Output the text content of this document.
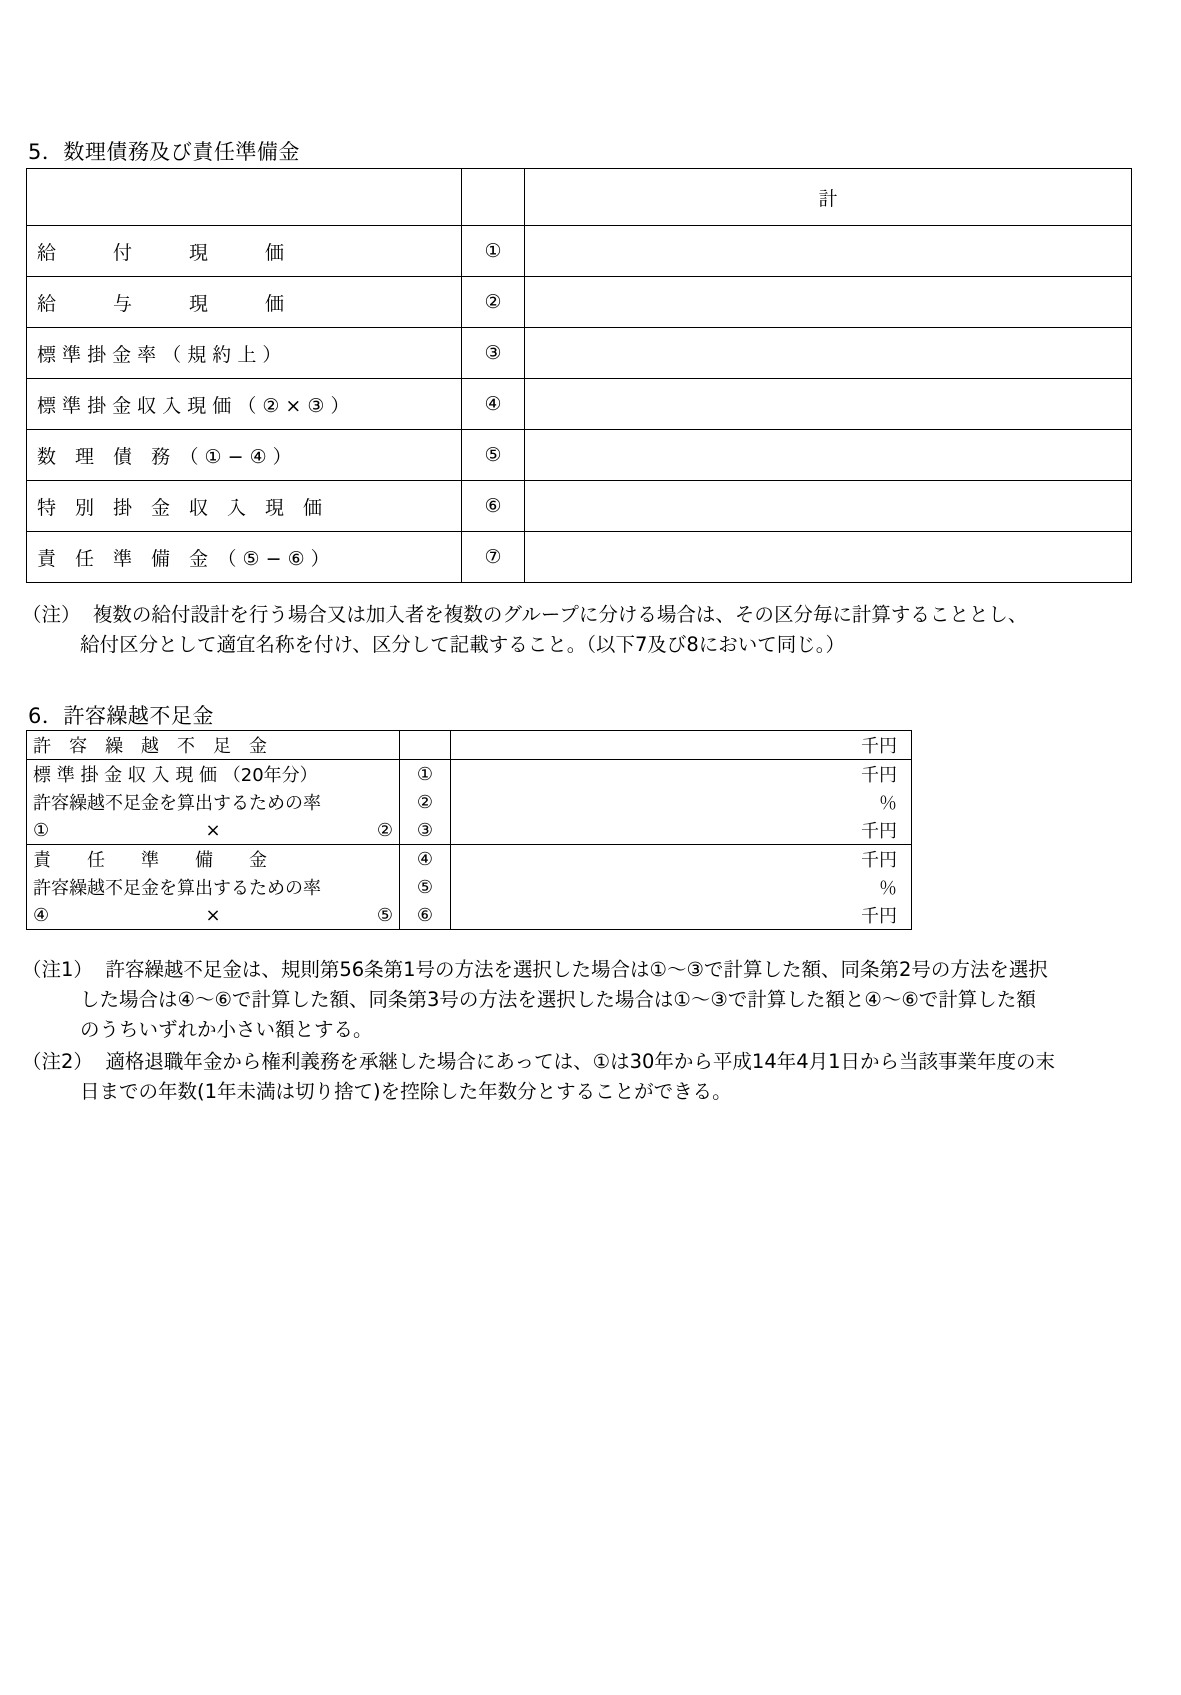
5．数理債務及び責任準備金
		計
給　　　付　　　現　　　価	①	
給　　　与　　　現　　　価	②	
標 準 掛 金 率 （ 規 約 上 ）	③	
標 準 掛 金 収 入 現 価 （ ② × ③ ）	④	
数　理　債　務　（ ① − ④ ）	⑤	
特　別　掛　金　収　入　現　価	⑥	
責　任　準　備　金　（ ⑤ − ⑥ ）	⑦	
（注） 複数の給付設計を行う場合又は加入者を複数のグループに分ける場合は、その区分毎に計算することとし、
給付区分として適宜名称を付け、区分して記載すること。（以下7及び8において同じ。）
6．許容繰越不足金
許　容　繰　越　不　足　金		千円
標 準 掛 金 収 入 現 価 （20年分）	①	千円
許容繰越不足金を算出するための率	②	％

① × ②	③	千円
責　　任　　準　　備　　金	④	千円
許容繰越不足金を算出するための率	⑤	％

④ × ⑤	⑥	千円
（注1） 許容繰越不足金は、規則第56条第1号の方法を選択した場合は①～③で計算した額、同条第2号の方法を選択
した場合は④～⑥で計算した額、同条第3号の方法を選択した場合は①～③で計算した額と④～⑥で計算した額
のうちいずれか小さい額とする。
（注2） 適格退職年金から権利義務を承継した場合にあっては、①は30年から平成14年4月1日から当該事業年度の末
日までの年数(1年未満は切り捨て)を控除した年数分とすることができる。
